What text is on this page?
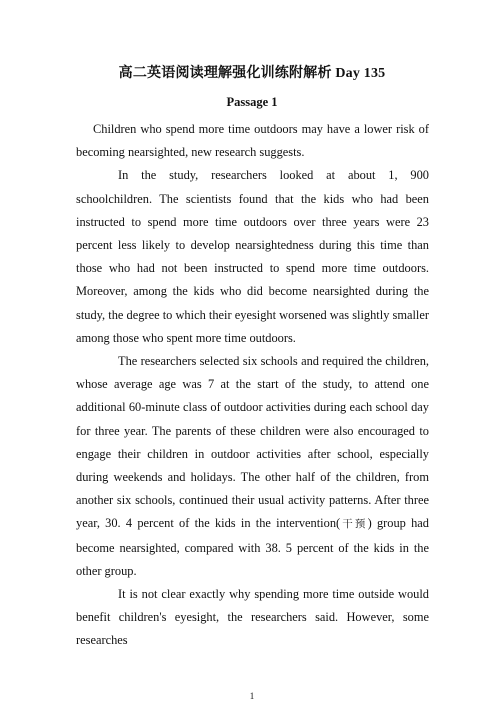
高二英语阅读理解强化训练附解析 Day 135
Passage 1

Children who spend more time outdoors may have a lower risk of becoming nearsighted, new research suggests.

In the study, researchers looked at about 1, 900 schoolchildren. The scientists found that the kids who had been instructed to spend more time outdoors over three years were 23 percent less likely to develop nearsightedness during this time than those who had not been instructed to spend more time outdoors. Moreover, among the kids who did become nearsighted during the study, the degree to which their eyesight worsened was slightly smaller among those who spent more time outdoors.

The researchers selected six schools and required the children, whose average age was 7 at the start of the study, to attend one additional 60-minute class of outdoor activities during each school day for three year. The parents of these children were also encouraged to engage their children in outdoor activities after school, especially during weekends and holidays. The other half of the children, from another six schools, continued their usual activity patterns. After three year, 30. 4 percent of the kids in the intervention(干预) group had become nearsighted, compared with 38. 5 percent of the kids in the other group.

It is not clear exactly why spending more time outside would benefit children's eyesight, the researchers said. However, some researches

1
